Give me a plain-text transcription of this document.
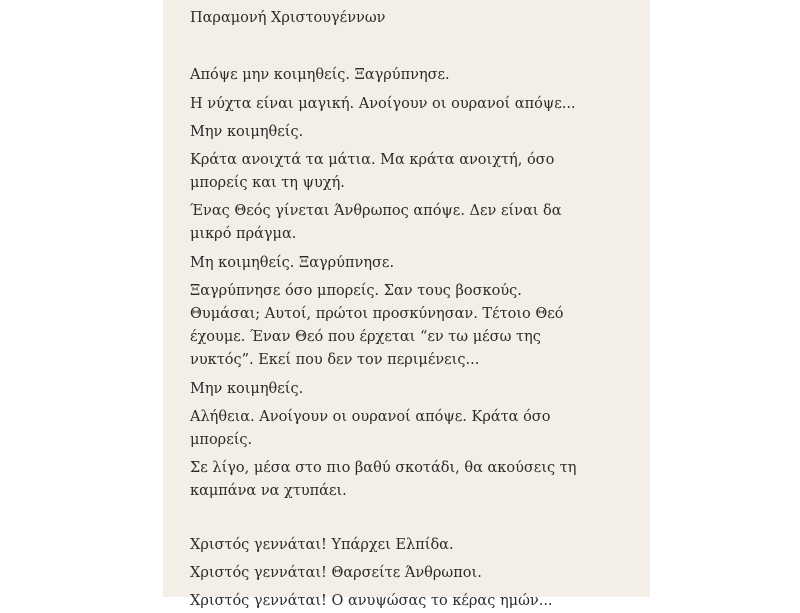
Παραμονή Χριστουγέννων
Απόψε μην κοιμηθείς. Ξαγρύπνησε.
Η νύχτα είναι μαγική. Ανοίγουν οι ουρανοί απόψε...
Μην κοιμηθείς.
Κράτα ανοιχτά τα μάτια. Μα κράτα ανοιχτή, όσο
μπορείς και τη ψυχή.
Ένας Θεός γίνεται Άνθρωπος απόψε. Δεν είναι δα
μικρό πράγμα.
Μη κοιμηθείς. Ξαγρύπνησε.
Ξαγρύπνησε όσο μπορείς. Σαν τους βοσκούς.
Θυμάσαι; Αυτοί, πρώτοι προσκύνησαν. Τέτοιο Θεό
έχουμε. Έναν Θεό που έρχεται “εν τω μέσω της
νυκτός”. Εκεί που δεν τον περιμένεις...
Μην κοιμηθείς.
Αλήθεια. Ανοίγουν οι ουρανοί απόψε. Κράτα όσο
μπορείς.
Σε λίγο, μέσα στο πιο βαθύ σκοτάδι, θα ακούσεις τη
καμπάνα να χτυπάει.
Χριστός γεννάται! Υπάρχει Ελπίδα.
Χριστός γεννάται! Θαρσείτε Άνθρωποι.
Χριστός γεννάται! Ο ανυψώσας το κέρας ημών...
